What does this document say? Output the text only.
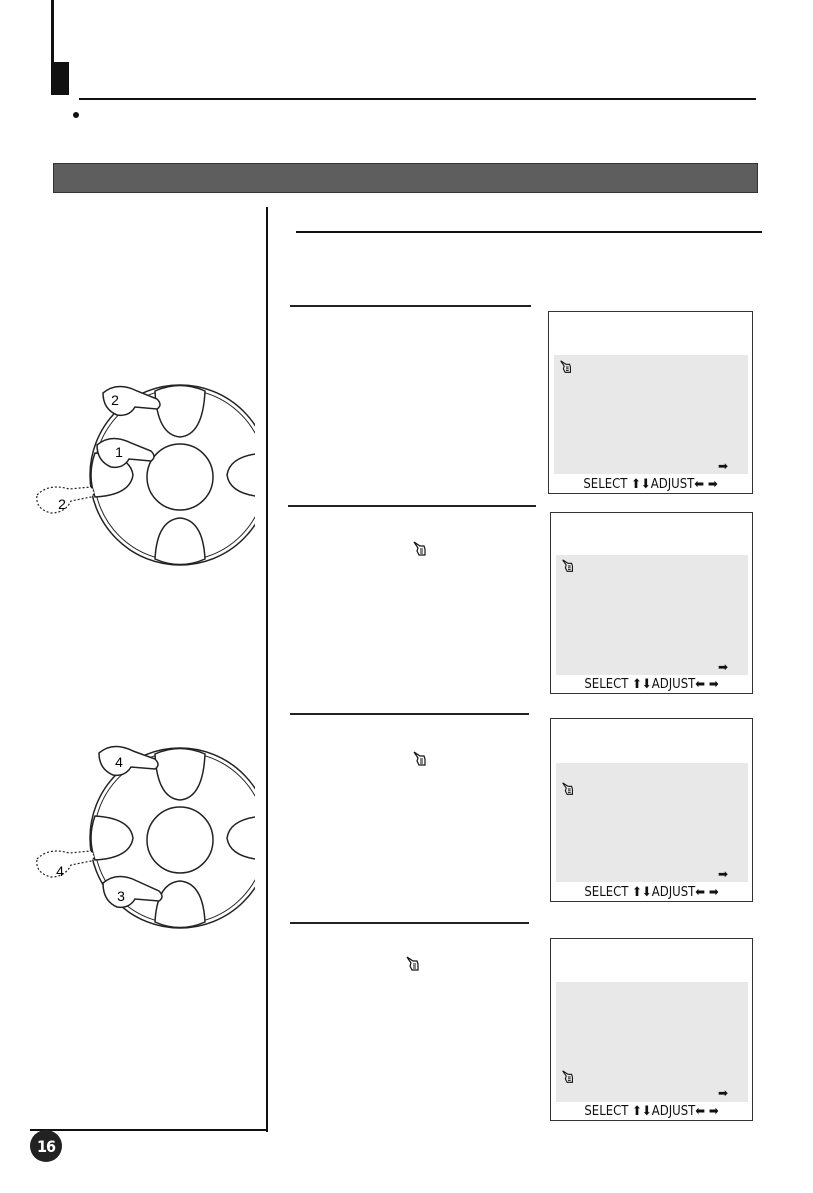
16
➡
SELECT ⬆⬇ADJUST⬅ ➡
➡
SELECT ⬆⬇ADJUST⬅ ➡
➡
SELECT ⬆⬇ADJUST⬅ ➡
➡
SELECT ⬆⬇ADJUST⬅ ➡
2
1
2
4
4
3
